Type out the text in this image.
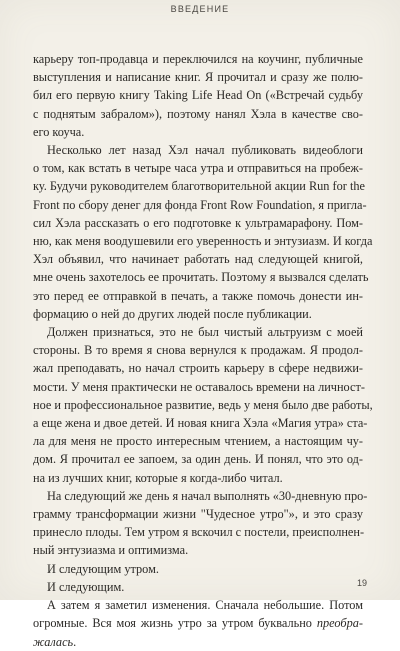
ВВЕДЕНИЕ
карьеру топ-продавца и переключился на коучинг, публичные
выступления и написание книг. Я прочитал и сразу же полю-
бил его первую книгу Taking Life Head On («Встречай судьбу
с поднятым забралом»), поэтому нанял Хэла в качестве сво-
его коуча.
Несколько лет назад Хэл начал публиковать видеоблоги
о том, как встать в четыре часа утра и отправиться на пробеж-
ку. Будучи руководителем благотворительной акции Run for the
Front по сбору денег для фонда Front Row Foundation, я пригла-
сил Хэла рассказать о его подготовке к ультрамарафону. Пом-
ню, как меня воодушевили его уверенность и энтузиазм. И когда
Хэл объявил, что начинает работать над следующей книгой,
мне очень захотелось ее прочитать. Поэтому я вызвался сделать
это перед ее отправкой в печать, а также помочь донести ин-
формацию о ней до других людей после публикации.
Должен признаться, это не был чистый альтруизм с моей
стороны. В то время я снова вернулся к продажам. Я продол-
жал преподавать, но начал строить карьеру в сфере недвижи-
мости. У меня практически не оставалось времени на личност-
ное и профессиональное развитие, ведь у меня было две работы,
а еще жена и двое детей. И новая книга Хэла «Магия утра» ста-
ла для меня не просто интересным чтением, а настоящим чу-
дом. Я прочитал ее запоем, за один день. И понял, что это од-
на из лучших книг, которые я когда-либо читал.
На следующий же день я начал выполнять «30-дневную про-
грамму трансформации жизни "Чудесное утро"», и это сразу
принесло плоды. Тем утром я вскочил с постели, преисполнен-
ный энтузиазма и оптимизма.
И следующим утром.
И следующим.
А затем я заметил изменения. Сначала небольшие. Потом
огромные. Вся моя жизнь утро за утром буквально преобра-
жалась.
19
